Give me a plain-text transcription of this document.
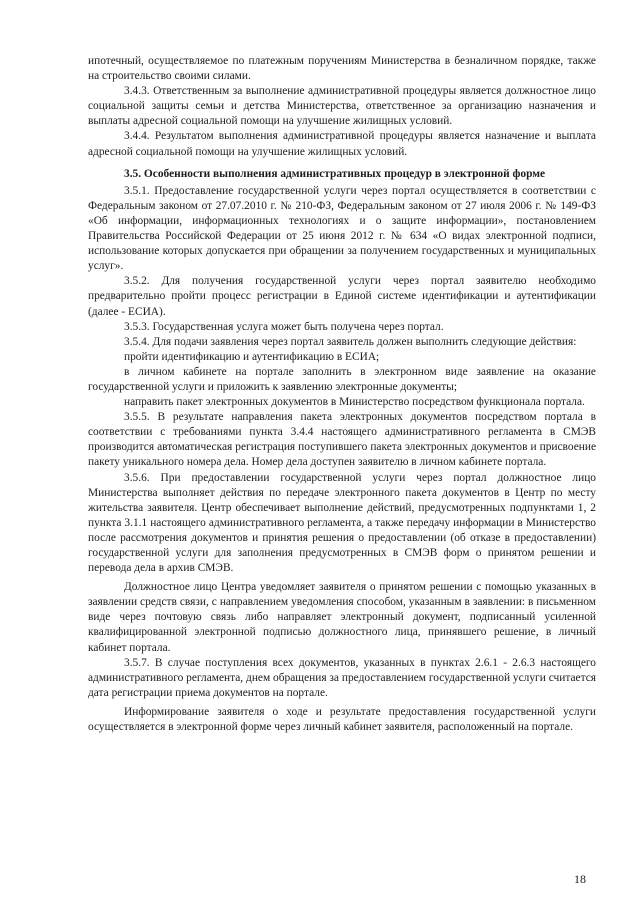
ипотечный, осуществляемое по платежным поручениям Министерства в безналичном порядке, также на строительство своими силами.

3.4.3. Ответственным за выполнение административной процедуры является должностное лицо социальной защиты семьи и детства Министерства, ответственное за организацию назначения и выплаты адресной социальной помощи на улучшение жилищных условий.

3.4.4. Результатом выполнения административной процедуры является назначение и выплата адресной социальной помощи на улучшение жилищных условий.

3.5. Особенности выполнения административных процедур в электронной форме

3.5.1. Предоставление государственной услуги через портал осуществляется в соответствии с Федеральным законом от 27.07.2010 г. № 210-ФЗ, Федеральным законом от 27 июля 2006 г. № 149-ФЗ «Об информации, информационных технологиях и о защите информации», постановлением Правительства Российской Федерации от 25 июня 2012 г. № 634 «О видах электронной подписи, использование которых допускается при обращении за получением государственных и муниципальных услуг».

3.5.2. Для получения государственной услуги через портал заявителю необходимо предварительно пройти процесс регистрации в Единой системе идентификации и аутентификации (далее - ЕСИА).

3.5.3. Государственная услуга может быть получена через портал.

3.5.4. Для подачи заявления через портал заявитель должен выполнить следующие действия:

пройти идентификацию и аутентификацию в ЕСИА;

в личном кабинете на портале заполнить в электронном виде заявление на оказание государственной услуги и приложить к заявлению электронные документы;

направить пакет электронных документов в Министерство посредством функционала портала.

3.5.5. В результате направления пакета электронных документов посредством портала в соответствии с требованиями пункта 3.4.4 настоящего административного регламента в СМЭВ производится автоматическая регистрация поступившего пакета электронных документов и присвоение пакету уникального номера дела. Номер дела доступен заявителю в личном кабинете портала.

3.5.6. При предоставлении государственной услуги через портал должностное лицо Министерства выполняет действия по передаче электронного пакета документов в Центр по месту жительства заявителя. Центр обеспечивает выполнение действий, предусмотренных подпунктами 1, 2 пункта 3.1.1 настоящего административного регламента, а также передачу информации в Министерство после рассмотрения документов и принятия решения о предоставлении (об отказе в предоставлении) государственной услуги для заполнения предусмотренных в СМЭВ форм о принятом решении и перевода дела в архив СМЭВ.

Должностное лицо Центра уведомляет заявителя о принятом решении с помощью указанных в заявлении средств связи, с направлением уведомления способом, указанным в заявлении: в письменном виде через почтовую связь либо направляет электронный документ, подписанный усиленной квалифицированной электронной подписью должностного лица, принявшего решение, в личный кабинет портала.

3.5.7. В случае поступления всех документов, указанных в пунктах 2.6.1 - 2.6.3 настоящего административного регламента, днем обращения за предоставлением государственной услуги считается дата регистрации приема документов на портале.

Информирование заявителя о ходе и результате предоставления государственной услуги осуществляется в электронной форме через личный кабинет заявителя, расположенный на портале.

18
